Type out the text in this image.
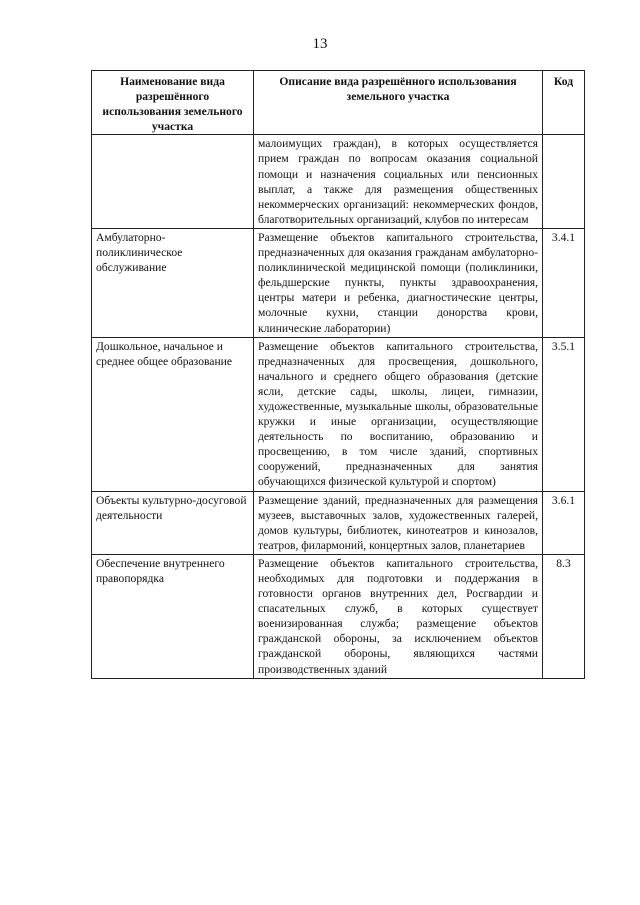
13
Наименование вида разрешённого использования земельного участка	Описание вида разрешённого использования земельного участка	Код
	малоимущих граждан), в которых осуществляется прием граждан по вопросам оказания социальной помощи и назначения социальных или пенсионных выплат, а также для размещения общественных некоммерческих организаций: некоммерческих фондов, благотворительных организаций, клубов по интересам	
Амбулаторно-поликлиническое обслуживание	Размещение объектов капитального строительства, предназначенных для оказания гражданам амбулаторно-поликлинической медицинской помощи (поликлиники, фельдшерские пункты, пункты здравоохранения, центры матери и ребенка, диагностические центры, молочные кухни, станции донорства крови, клинические лаборатории)	3.4.1
Дошкольное, начальное и среднее общее образование	Размещение объектов капитального строительства, предназначенных для просвещения, дошкольного, начального и среднего общего образования (детские ясли, детские сады, школы, лицеи, гимназии, художественные, музыкальные школы, образовательные кружки и иные организации, осуществляющие деятельность по воспитанию, образованию и просвещению, в том числе зданий, спортивных сооружений, предназначенных для занятия обучающихся физической культурой и спортом)	3.5.1
Объекты культурно-досуговой деятельности	Размещение зданий, предназначенных для размещения музеев, выставочных залов, художественных галерей, домов культуры, библиотек, кинотеатров и кинозалов, театров, филармоний, концертных залов, планетариев	3.6.1
Обеспечение внутреннего правопорядка	Размещение объектов капитального строительства, необходимых для подготовки и поддержания в готовности органов внутренних дел, Росгвардии и спасательных служб, в которых существует военизированная служба; размещение объектов гражданской обороны, за исключением объектов гражданской обороны, являющихся частями производственных зданий	8.3
